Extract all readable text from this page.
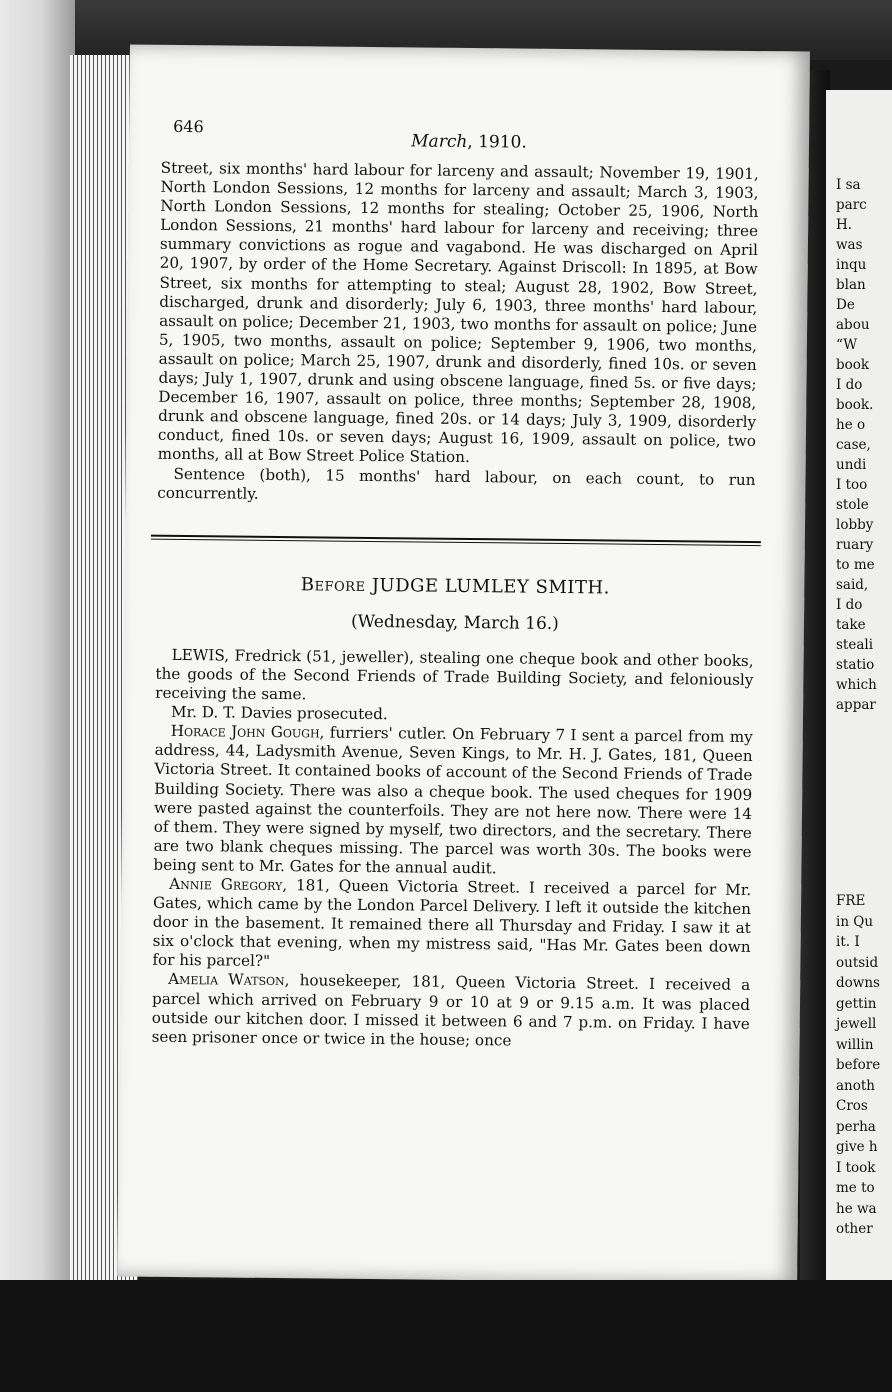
I sa
parc
H.
was
inqu
blan
De
abou
“W
book
I do
book.
he o
case,
undi
I too
stole
lobby
ruary
to me
said,
I do
take
steali
statio
which
appar
FRE
in Qu
it. I
outsid
downs
gettin
jewell
willin
before
anoth
Cros
perha
give h
I took
me to
he wa
other
646
March, 1910.

Street, six months' hard labour for larceny and assault; November 19, 1901, North London Sessions, 12 months for larceny and assault; March 3, 1903, North London Sessions, 12 months for stealing; October 25, 1906, North London Sessions, 21 months' hard labour for larceny and receiving; three summary convictions as rogue and vagabond. He was discharged on April 20, 1907, by order of the Home Secretary. Against Driscoll: In 1895, at Bow Street, six months for attempting to steal; August 28, 1902, Bow Street, discharged, drunk and disorderly; July 6, 1903, three months' hard labour, assault on police; December 21, 1903, two months for assault on police; June 5, 1905, two months, assault on police; September 9, 1906, two months, assault on police; March 25, 1907, drunk and disorderly, fined 10s. or seven days; July 1, 1907, drunk and using obscene language, fined 5s. or five days; December 16, 1907, assault on police, three months; September 28, 1908, drunk and obscene language, fined 20s. or 14 days; July 3, 1909, disorderly conduct, fined 10s. or seven days; August 16, 1909, assault on police, two months, all at Bow Street Police Station.

Sentence (both), 15 months' hard labour, on each count, to run concurrently.

Before JUDGE LUMLEY SMITH.
(Wednesday, March 16.)

LEWIS, Fredrick (51, jeweller), stealing one cheque book and other books, the goods of the Second Friends of Trade Building Society, and feloniously receiving the same.

Mr. D. T. Davies prosecuted.

Horace John Gough, furriers' cutler. On February 7 I sent a parcel from my address, 44, Ladysmith Avenue, Seven Kings, to Mr. H. J. Gates, 181, Queen Victoria Street. It contained books of account of the Second Friends of Trade Building Society. There was also a cheque book. The used cheques for 1909 were pasted against the counterfoils. They are not here now. There were 14 of them. They were signed by myself, two directors, and the secretary. There are two blank cheques missing. The parcel was worth 30s. The books were being sent to Mr. Gates for the annual audit.

Annie Gregory, 181, Queen Victoria Street. I received a parcel for Mr. Gates, which came by the London Parcel Delivery. I left it outside the kitchen door in the basement. It remained there all Thursday and Friday. I saw it at six o'clock that evening, when my mistress said, "Has Mr. Gates been down for his parcel?"

Amelia Watson, housekeeper, 181, Queen Victoria Street. I received a parcel which arrived on February 9 or 10 at 9 or 9.15 a.m. It was placed outside our kitchen door. I missed it between 6 and 7 p.m. on Friday. I have seen prisoner once or twice in the house; once
